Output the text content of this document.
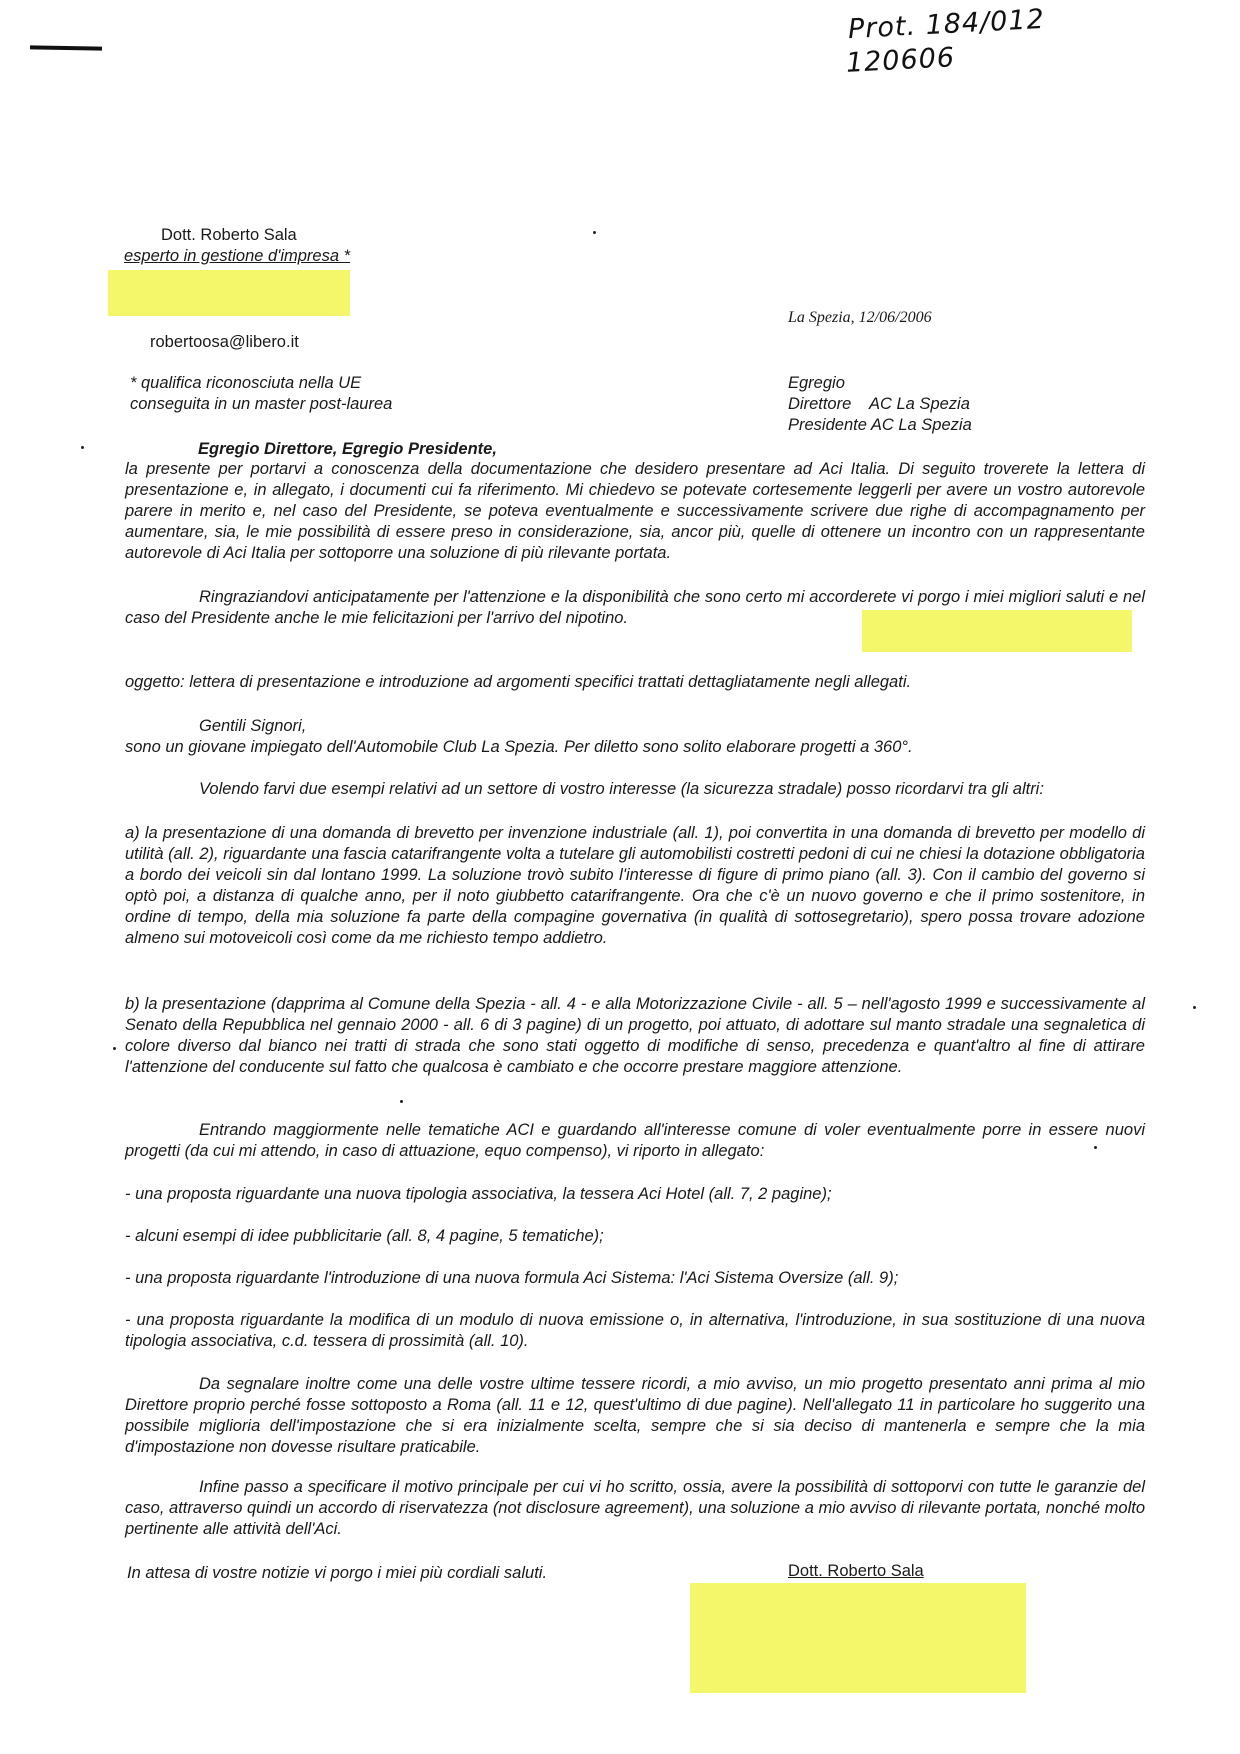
Prot. 184/012
120606
Dott. Roberto Sala
esperto in gestione d'impresa *
robertoosa@libero.it
* qualifica riconosciuta nella UE
conseguita in un master post-laurea
La Spezia, 12/06/2006
Egregio
Direttore    AC La Spezia
Presidente AC La Spezia
Egregio Direttore, Egregio Presidente,
la presente per portarvi a conoscenza della documentazione che desidero presentare ad Aci Italia. Di seguito troverete la lettera di presentazione e, in allegato, i documenti cui fa riferimento. Mi chiedevo se potevate cortesemente leggerli per avere un vostro autorevole parere in merito e, nel caso del Presidente, se poteva eventualmente e successivamente scrivere due righe di accompagnamento per aumentare, sia, le mie possibilità di essere preso in considerazione, sia, ancor più, quelle di ottenere un incontro con un rappresentante autorevole di Aci Italia per sottoporre una soluzione di più rilevante portata.
Ringraziandovi anticipatamente per l'attenzione e la disponibilità che sono certo mi accorderete vi porgo i miei migliori saluti e nel caso del Presidente anche le mie felicitazioni per l'arrivo del nipotino.
oggetto: lettera di presentazione e introduzione ad argomenti specifici trattati dettagliatamente negli allegati.
Gentili Signori,
sono un giovane impiegato dell'Automobile Club La Spezia. Per diletto sono solito elaborare progetti a 360°.
Volendo farvi due esempi relativi ad un settore di vostro interesse (la sicurezza stradale) posso ricordarvi tra gli altri:
a) la presentazione di una domanda di brevetto per invenzione industriale (all. 1), poi convertita in una domanda di brevetto per modello di utilità (all. 2), riguardante una fascia catarifrangente volta a tutelare gli automobilisti costretti pedoni di cui ne chiesi la dotazione obbligatoria a bordo dei veicoli sin dal lontano 1999. La soluzione trovò subito l'interesse di figure di primo piano (all. 3). Con il cambio del governo si optò poi, a distanza di qualche anno, per il noto giubbetto catarifrangente. Ora che c'è un nuovo governo e che il primo sostenitore, in ordine di tempo, della mia soluzione fa parte della compagine governativa (in qualità di sottosegretario), spero possa trovare adozione almeno sui motoveicoli così come da me richiesto tempo addietro.
b) la presentazione (dapprima al Comune della Spezia - all. 4 - e alla Motorizzazione Civile - all. 5 – nell'agosto 1999 e successivamente al Senato della Repubblica nel gennaio 2000 - all. 6 di 3 pagine) di un progetto, poi attuato, di adottare sul manto stradale una segnaletica di colore diverso dal bianco nei tratti di strada che sono stati oggetto di modifiche di senso, precedenza e quant'altro al fine di attirare l'attenzione del conducente sul fatto che qualcosa è cambiato e che occorre prestare maggiore attenzione.
Entrando maggiormente nelle tematiche ACI e guardando all'interesse comune di voler eventualmente porre in essere nuovi progetti (da cui mi attendo, in caso di attuazione, equo compenso), vi riporto in allegato:
- una proposta riguardante una nuova tipologia associativa, la tessera Aci Hotel (all. 7, 2 pagine);
- alcuni esempi di idee pubblicitarie (all. 8, 4 pagine, 5 tematiche);
- una proposta riguardante l'introduzione di una nuova formula Aci Sistema: l'Aci Sistema Oversize (all. 9);
- una proposta riguardante la modifica di un modulo di nuova emissione o, in alternativa, l'introduzione, in sua sostituzione di una nuova tipologia associativa, c.d. tessera di prossimità (all. 10).
Da segnalare inoltre come una delle vostre ultime tessere ricordi, a mio avviso, un mio progetto presentato anni prima al mio Direttore proprio perché fosse sottoposto a Roma (all. 11 e 12, quest'ultimo di due pagine). Nell'allegato 11 in particolare ho suggerito una possibile miglioria dell'impostazione che si era inizialmente scelta, sempre che si sia deciso di mantenerla e sempre che la mia d'impostazione non dovesse risultare praticabile.
Infine passo a specificare il motivo principale per cui vi ho scritto, ossia, avere la possibilità di sottoporvi con tutte le garanzie del caso, attraverso quindi un accordo di riservatezza (not disclosure agreement), una soluzione a mio avviso di rilevante portata, nonché molto pertinente alle attività dell'Aci.
In attesa di vostre notizie vi porgo i miei più cordiali saluti.	Dott. Roberto Sala
